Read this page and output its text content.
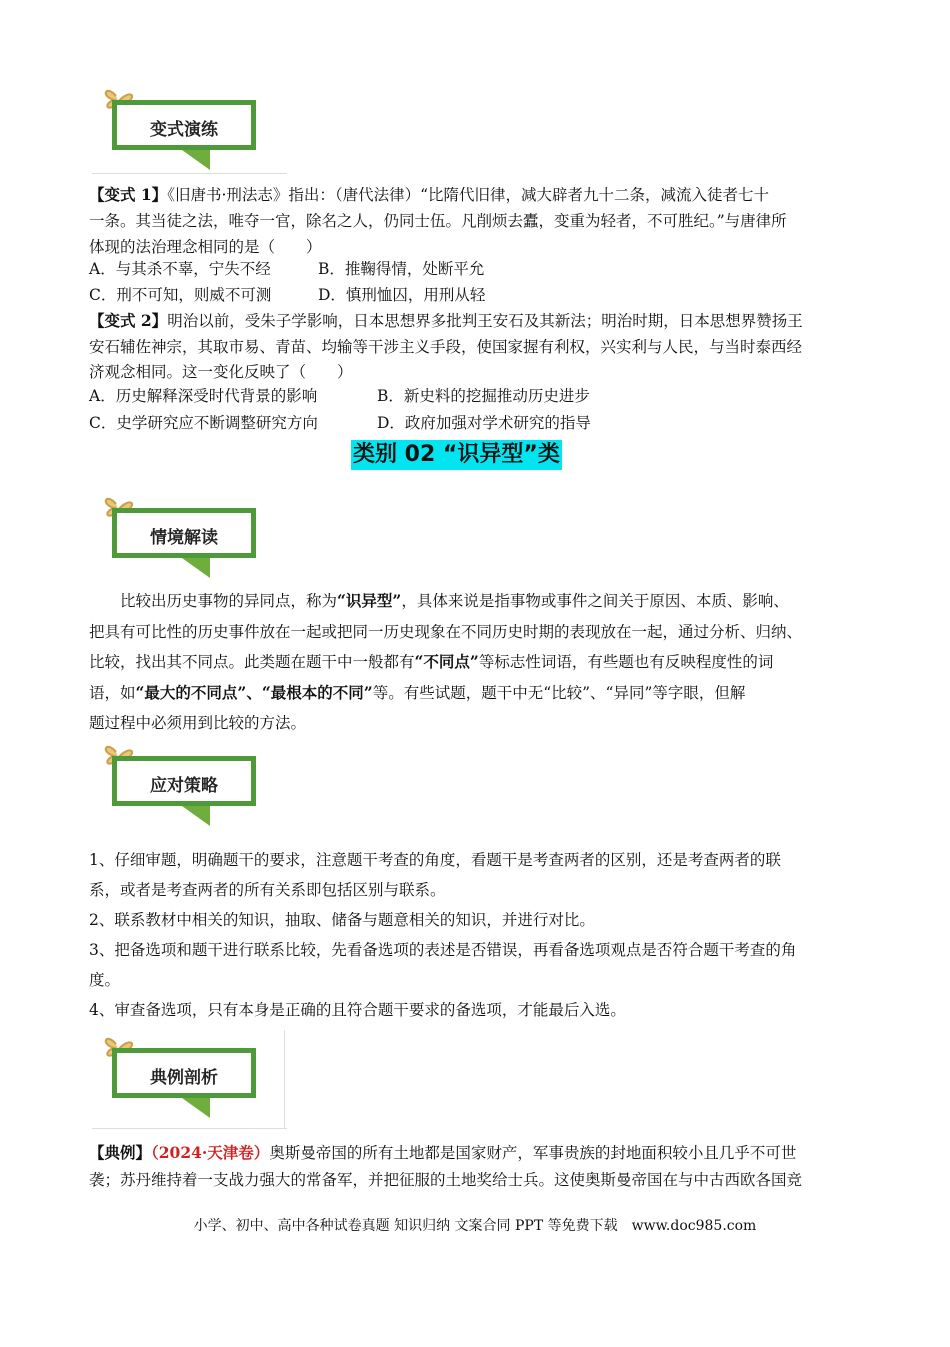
变式演练
【变式 1】《旧唐书·刑法志》指出：（唐代法律）“比隋代旧律，减大辟者九十二条，减流入徒者七十
一条。其当徒之法，唯夺一官，除名之人，仍同士伍。凡削烦去蠹，变重为轻者，不可胜纪。”与唐律所
体现的法治理念相同的是（　　）
A．与其杀不辜，宁失不经	B．推鞠得情，处断平允
C．刑不可知，则威不可测	D．慎刑恤囚，用刑从轻
【变式 2】明治以前，受朱子学影响，日本思想界多批判王安石及其新法；明治时期，日本思想界赞扬王
安石辅佐神宗，其取市易、青苗、均输等干涉主义手段，使国家握有利权，兴实利与人民，与当时泰西经
济观念相同。这一变化反映了（　　）
A．历史解释深受时代背景的影响	B．新史料的挖掘推动历史进步
C．史学研究应不断调整研究方向	D．政府加强对学术研究的指导
类别 02 “识异型”类
情境解读
比较出历史事物的异同点，称为“识异型”，具体来说是指事物或事件之间关于原因、本质、影响、
把具有可比性的历史事件放在一起或把同一历史现象在不同历史时期的表现放在一起，通过分析、归纳、
比较，找出其不同点。此类题在题干中一般都有“不同点”等标志性词语，有些题也有反映程度性的词
语，如“最大的不同点”、“最根本的不同”等。有些试题，题干中无“比较”、“异同”等字眼，但解
题过程中必须用到比较的方法。
应对策略
1、仔细审题，明确题干的要求，注意题干考查的角度，看题干是考查两者的区别，还是考查两者的联
系，或者是考查两者的所有关系即包括区别与联系。
2、联系教材中相关的知识，抽取、储备与题意相关的知识，并进行对比。
3、把备选项和题干进行联系比较，先看备选项的表述是否错误，再看备选项观点是否符合题干考查的角
度。
4、审查备选项，只有本身是正确的且符合题干要求的备选项，才能最后入选。
典例剖析
【典例】（2024·天津卷）奥斯曼帝国的所有土地都是国家财产，军事贵族的封地面积较小且几乎不可世
袭；苏丹维持着一支战力强大的常备军，并把征服的土地奖给士兵。这使奥斯曼帝国在与中古西欧各国竞
小学、初中、高中各种试卷真题 知识归纳 文案合同 PPT 等免费下载　www.doc985.com
